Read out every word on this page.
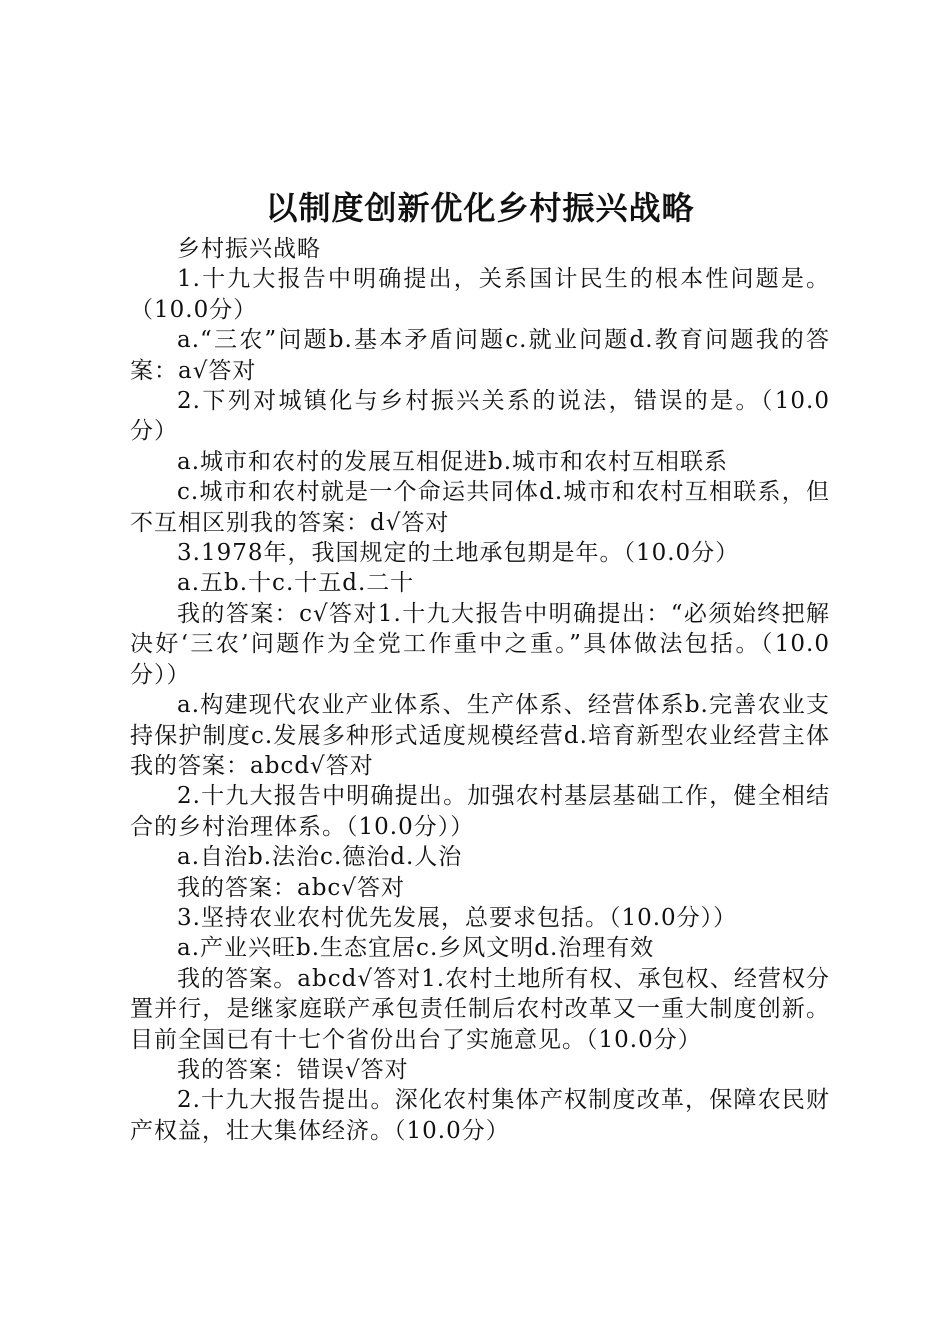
以制度创新优化乡村振兴战略

乡村振兴战略

1.十九大报告中明确提出，关系国计民生的根本性问题是。（10.0分）

a.“三农”问题b.基本矛盾问题c.就业问题d.教育问题我的答案：a√答对

2.下列对城镇化与乡村振兴关系的说法，错误的是。（10.0分）

a.城市和农村的发展互相促进b.城市和农村互相联系

c.城市和农村就是一个命运共同体d.城市和农村互相联系，但不互相区别我的答案：d√答对

3.1978年，我国规定的土地承包期是年。（10.0分）

a.五b.十c.十五d.二十

我的答案：c√答对1.十九大报告中明确提出：“必须始终把解决好‘三农’问题作为全党工作重中之重。”具体做法包括。（10.0分））

a.构建现代农业产业体系、生产体系、经营体系b.完善农业支持保护制度c.发展多种形式适度规模经营d.培育新型农业经营主体我的答案：abcd√答对

2.十九大报告中明确提出。加强农村基层基础工作，健全相结合的乡村治理体系。（10.0分））

a.自治b.法治c.德治d.人治

我的答案：abc√答对

3.坚持农业农村优先发展，总要求包括。（10.0分））

a.产业兴旺b.生态宜居c.乡风文明d.治理有效

我的答案。abcd√答对1.农村土地所有权、承包权、经营权分置并行，是继家庭联产承包责任制后农村改革又一重大制度创新。目前全国已有十七个省份出台了实施意见。（10.0分）

我的答案：错误√答对

2.十九大报告提出。深化农村集体产权制度改革，保障农民财产权益，壮大集体经济。（10.0分）
